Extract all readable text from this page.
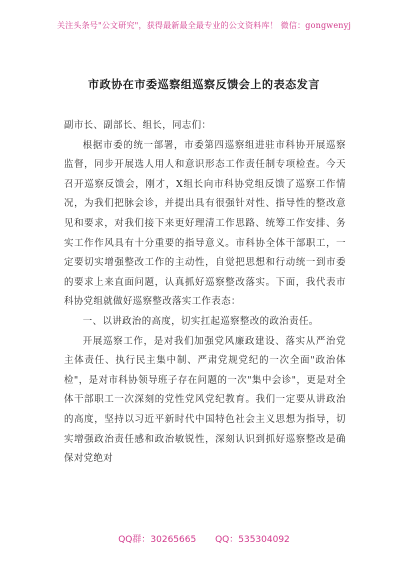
关注头条号"公文研究"，获得最新最全最专业的公文资料库！ 微信：gongwenyj
市政协在市委巡察组巡察反馈会上的表态发言

副市长、副部长、组长，同志们：

根据市委的统一部署，市委第四巡察组进驻市科协开展巡察监督，同步开展选人用人和意识形态工作责任制专项检查。今天召开巡察反馈会，刚才，X组长向市科协党组反馈了巡察工作情况，为我们把脉会诊，并提出具有很强针对性、指导性的整改意见和要求，对我们接下来更好理清工作思路、统筹工作安排、务实工作作风具有十分重要的指导意义。市科协全体干部职工，一定要切实增强整改工作的主动性，自觉把思想和行动统一到市委的要求上来直面问题，认真抓好巡察整改落实。下面，我代表市科协党组就做好巡察整改落实工作表态：

一、以讲政治的高度，切实扛起巡察整改的政治责任。

开展巡察工作，是对我们加强党风廉政建设、落实从严治党主体责任、执行民主集中制、严肃党规党纪的一次全面"政治体检"，是对市科协领导班子存在问题的一次"集中会诊"，更是对全体干部职工一次深刻的党性党风党纪教育。我们一定要从讲政治的高度，坚持以习近平新时代中国特色社会主义思想为指导，切实增强政治责任感和政治敏锐性，深刻认识到抓好巡察整改是确保对党绝对

QQ群：30265665 QQ：535304092
